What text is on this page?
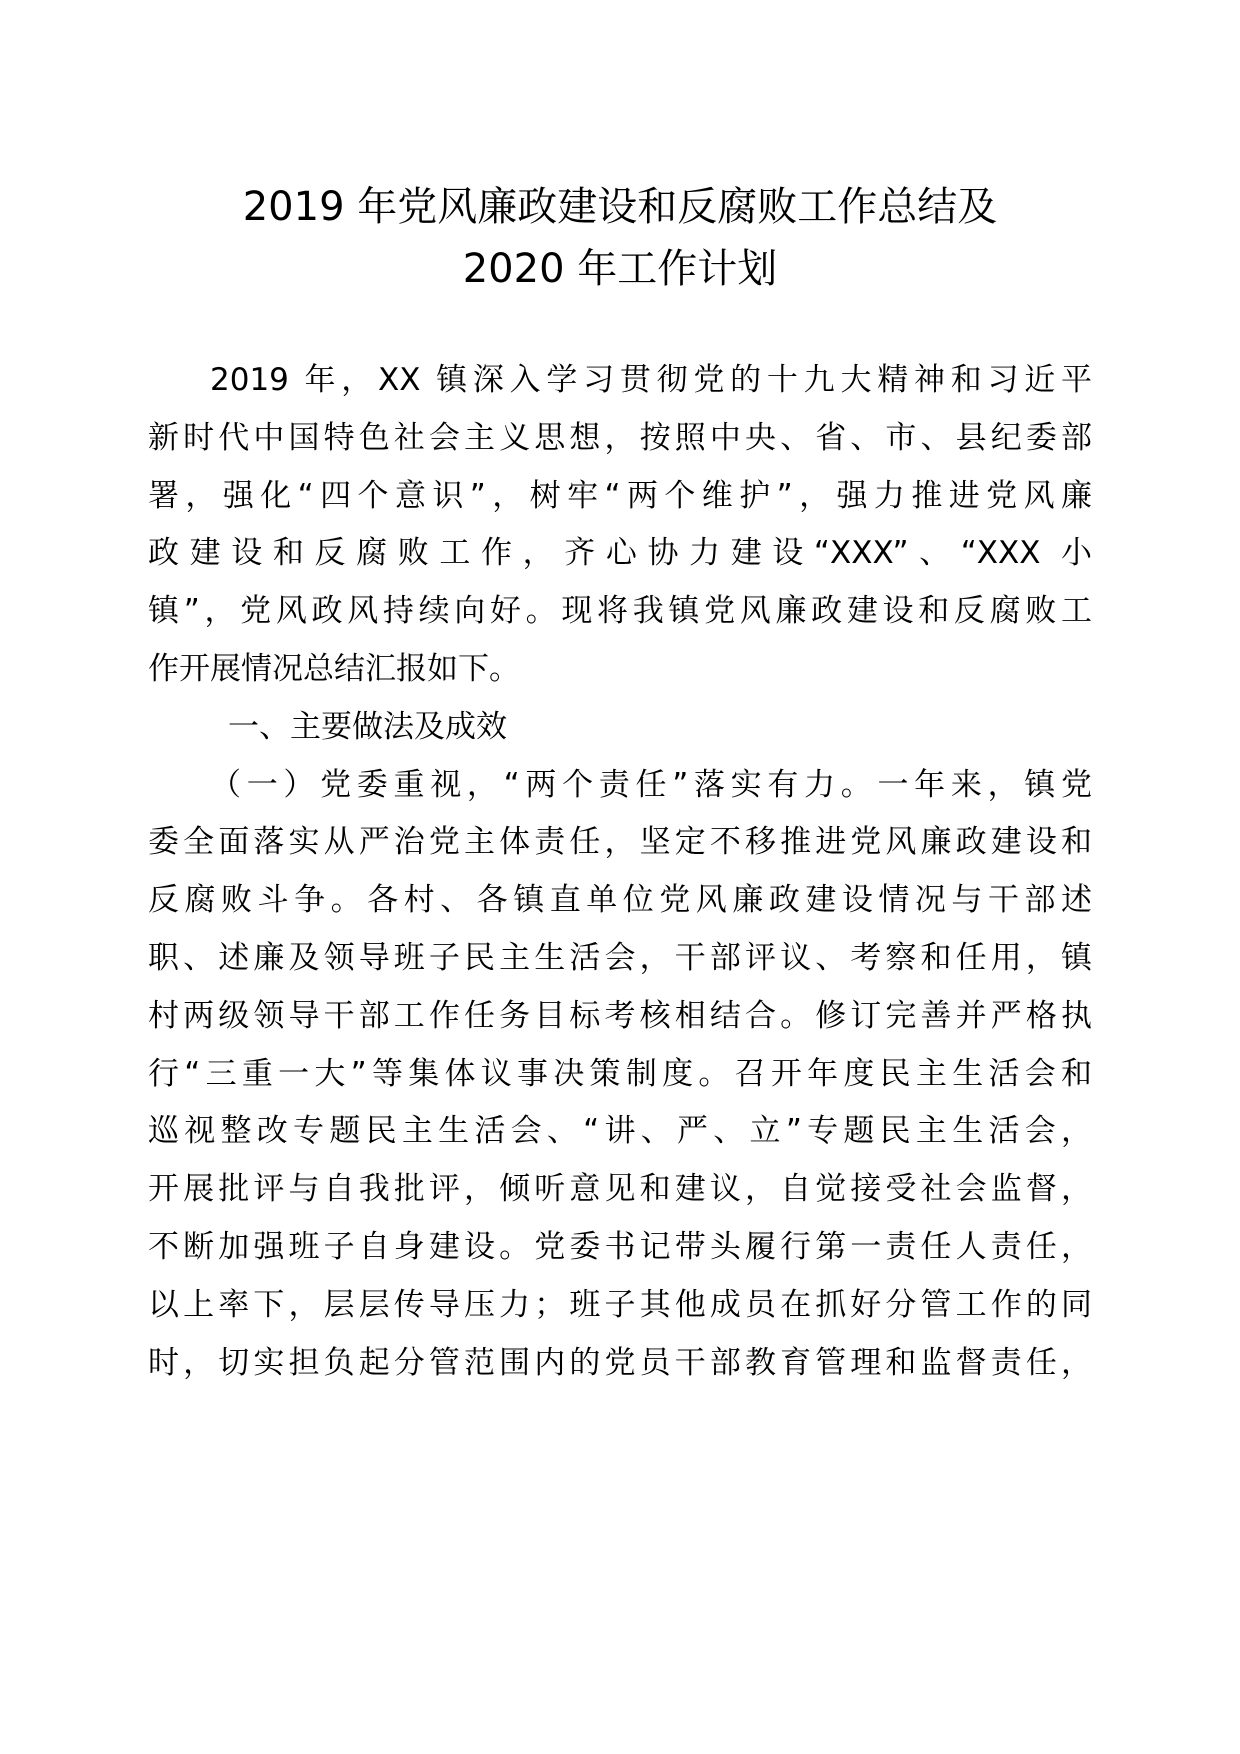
2019 年党风廉政建设和反腐败工作总结及
2020 年工作计划
2019 年，XX 镇深入学习贯彻党的十九大精神和习近平
新时代中国特色社会主义思想，按照中央、省、市、县纪委部
署，强化“四个意识”，树牢“两个维护”，强力推进党风廉
政建设和反腐败工作，齐心协力建设“XXX”、“XXX 小
镇”，党风政风持续向好。现将我镇党风廉政建设和反腐败工
作开展情况总结汇报如下。
一、主要做法及成效
（一）党委重视，“两个责任”落实有力。一年来，镇党
委全面落实从严治党主体责任，坚定不移推进党风廉政建设和
反腐败斗争。各村、各镇直单位党风廉政建设情况与干部述
职、述廉及领导班子民主生活会，干部评议、考察和任用，镇
村两级领导干部工作任务目标考核相结合。修订完善并严格执
行“三重一大”等集体议事决策制度。召开年度民主生活会和
巡视整改专题民主生活会、“讲、严、立”专题民主生活会，
开展批评与自我批评，倾听意见和建议，自觉接受社会监督，
不断加强班子自身建设。党委书记带头履行第一责任人责任，
以上率下，层层传导压力；班子其他成员在抓好分管工作的同
时，切实担负起分管范围内的党员干部教育管理和监督责任，
